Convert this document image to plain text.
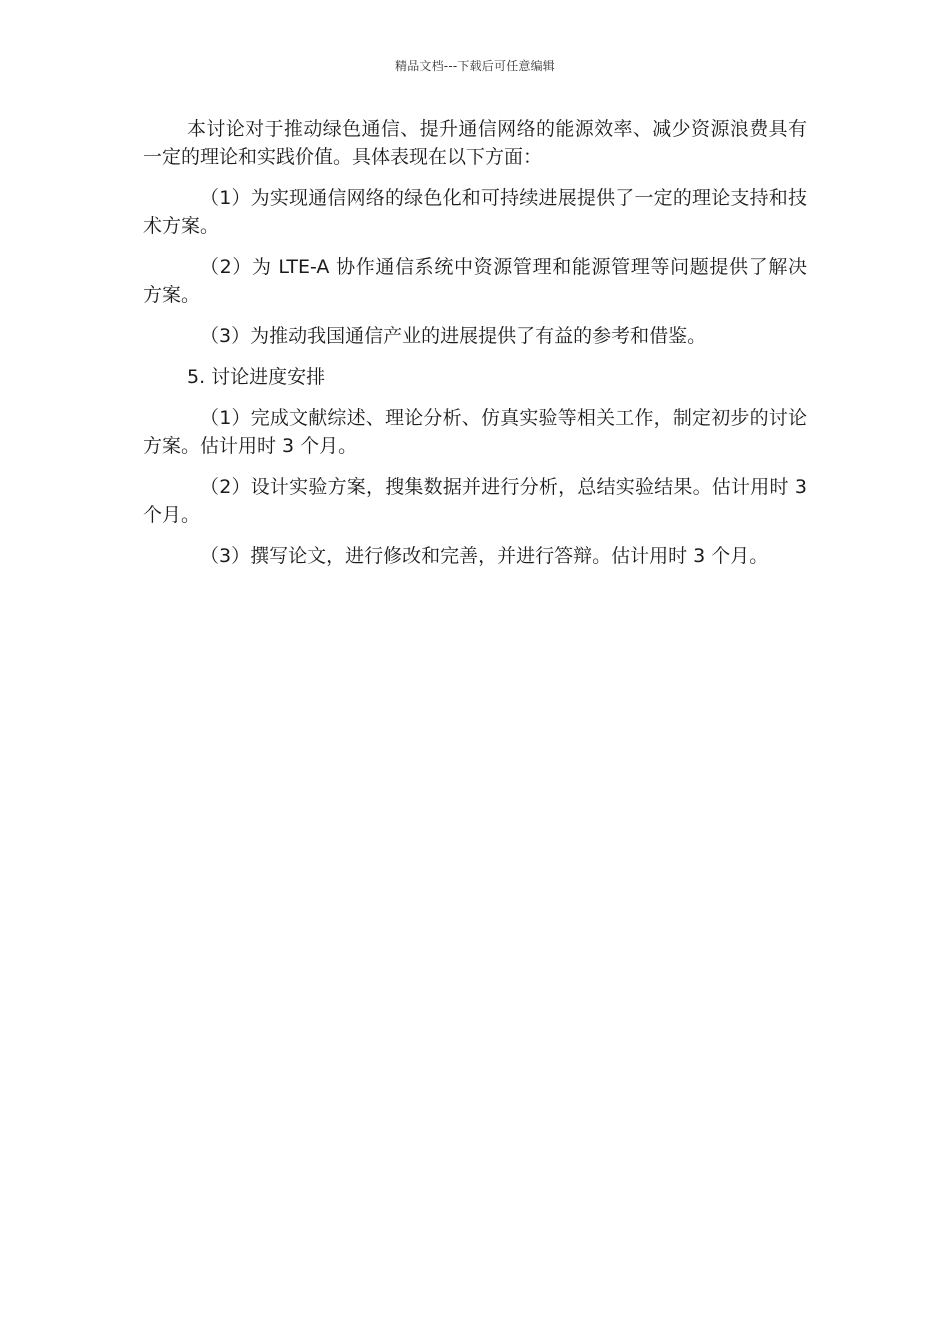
精品文档---下载后可任意编辑

本讨论对于推动绿色通信、提升通信网络的能源效率、减少资源浪费具有一定的理论和实践价值。具体表现在以下方面：

（1）为实现通信网络的绿色化和可持续进展提供了一定的理论支持和技术方案。

（2）为 LTE-A 协作通信系统中资源管理和能源管理等问题提供了解决方案。

（3）为推动我国通信产业的进展提供了有益的参考和借鉴。

5. 讨论进度安排

（1）完成文献综述、理论分析、仿真实验等相关工作，制定初步的讨论方案。估计用时 3 个月。

（2）设计实验方案，搜集数据并进行分析，总结实验结果。估计用时 3 个月。

（3）撰写论文，进行修改和完善，并进行答辩。估计用时 3 个月。
